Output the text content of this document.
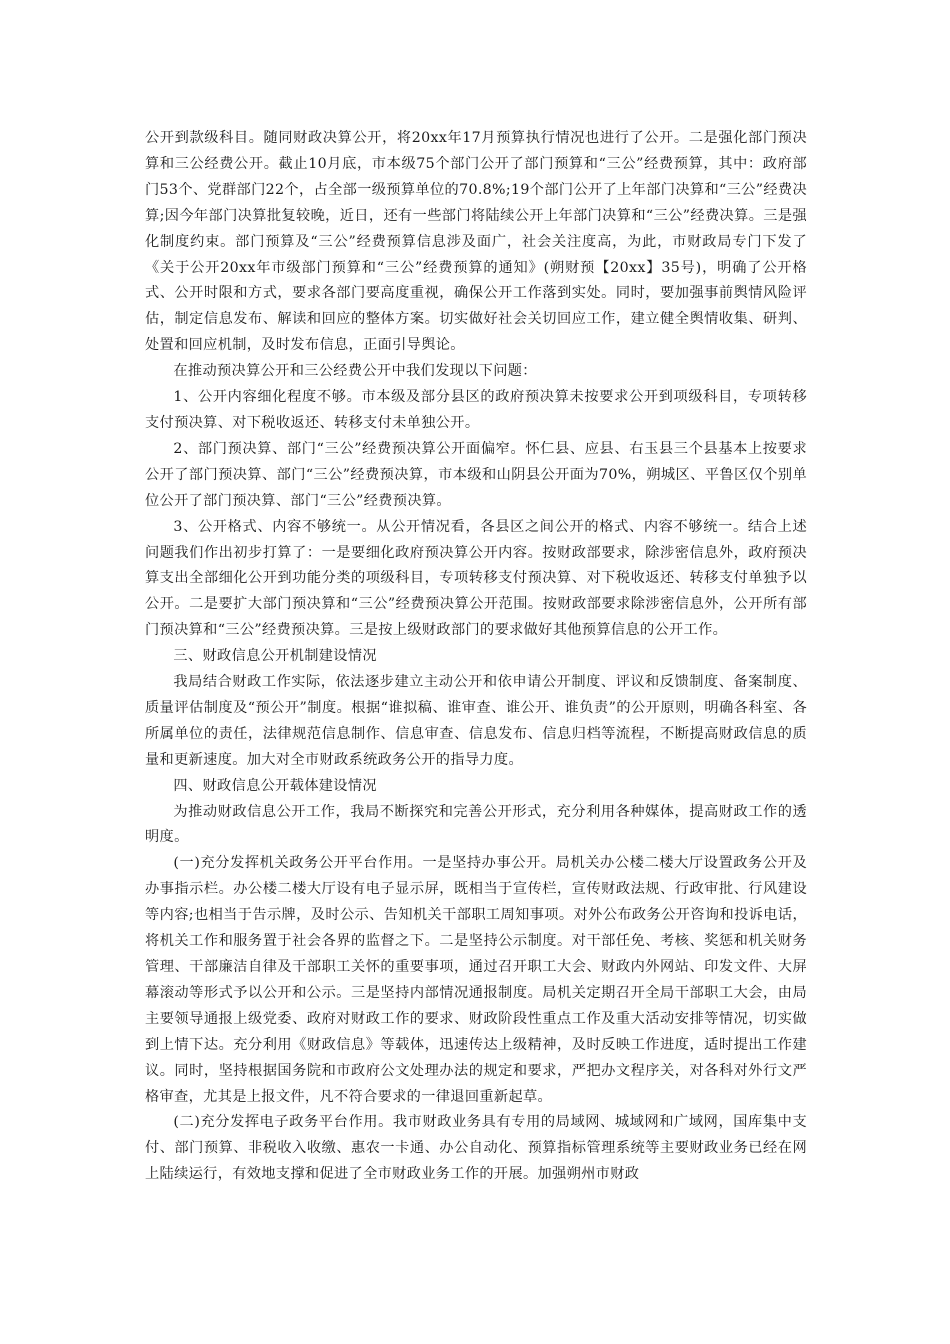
公开到款级科目。随同财政决算公开，将20xx年17月预算执行情况也进行了公开。二是强化部门预决算和三公经费公开。截止10月底，市本级75个部门公开了部门预算和“三公”经费预算，其中：政府部门53个、党群部门22个，占全部一级预算单位的70.8%;19个部门公开了上年部门决算和“三公”经费决算;因今年部门决算批复较晚，近日，还有一些部门将陆续公开上年部门决算和“三公”经费决算。三是强化制度约束。部门预算及“三公”经费预算信息涉及面广，社会关注度高，为此，市财政局专门下发了《关于公开20xx年市级部门预算和“三公”经费预算的通知》(朔财预【20xx】35号)，明确了公开格式、公开时限和方式，要求各部门要高度重视，确保公开工作落到实处。同时，要加强事前舆情风险评估，制定信息发布、解读和回应的整体方案。切实做好社会关切回应工作，建立健全舆情收集、研判、处置和回应机制，及时发布信息，正面引导舆论。

在推动预决算公开和三公经费公开中我们发现以下问题：

1、公开内容细化程度不够。市本级及部分县区的政府预决算未按要求公开到项级科目，专项转移支付预决算、对下税收返还、转移支付未单独公开。

2、部门预决算、部门“三公”经费预决算公开面偏窄。怀仁县、应县、右玉县三个县基本上按要求公开了部门预决算、部门“三公”经费预决算，市本级和山阴县公开面为70%，朔城区、平鲁区仅个别单位公开了部门预决算、部门“三公”经费预决算。

3、公开格式、内容不够统一。从公开情况看，各县区之间公开的格式、内容不够统一。结合上述问题我们作出初步打算了：一是要细化政府预决算公开内容。按财政部要求，除涉密信息外，政府预决算支出全部细化公开到功能分类的项级科目，专项转移支付预决算、对下税收返还、转移支付单独予以公开。二是要扩大部门预决算和“三公”经费预决算公开范围。按财政部要求除涉密信息外，公开所有部门预决算和“三公”经费预决算。三是按上级财政部门的要求做好其他预算信息的公开工作。

三、财政信息公开机制建设情况

我局结合财政工作实际，依法逐步建立主动公开和依申请公开制度、评议和反馈制度、备案制度、质量评估制度及“预公开”制度。根据“谁拟稿、谁审查、谁公开、谁负责”的公开原则，明确各科室、各所属单位的责任，法律规范信息制作、信息审查、信息发布、信息归档等流程，不断提高财政信息的质量和更新速度。加大对全市财政系统政务公开的指导力度。

四、财政信息公开载体建设情况

为推动财政信息公开工作，我局不断探究和完善公开形式，充分利用各种媒体，提高财政工作的透明度。

(一)充分发挥机关政务公开平台作用。一是坚持办事公开。局机关办公楼二楼大厅设置政务公开及办事指示栏。办公楼二楼大厅设有电子显示屏，既相当于宣传栏，宣传财政法规、行政审批、行风建设等内容;也相当于告示牌，及时公示、告知机关干部职工周知事项。对外公布政务公开咨询和投诉电话，将机关工作和服务置于社会各界的监督之下。二是坚持公示制度。对干部任免、考核、奖惩和机关财务管理、干部廉洁自律及干部职工关怀的重要事项，通过召开职工大会、财政内外网站、印发文件、大屏幕滚动等形式予以公开和公示。三是坚持内部情况通报制度。局机关定期召开全局干部职工大会，由局主要领导通报上级党委、政府对财政工作的要求、财政阶段性重点工作及重大活动安排等情况，切实做到上情下达。充分利用《财政信息》等载体，迅速传达上级精神，及时反映工作进度，适时提出工作建议。同时，坚持根据国务院和市政府公文处理办法的规定和要求，严把办文程序关，对各科对外行文严格审查，尤其是上报文件，凡不符合要求的一律退回重新起草。

(二)充分发挥电子政务平台作用。我市财政业务具有专用的局域网、城域网和广域网，国库集中支付、部门预算、非税收入收缴、惠农一卡通、办公自动化、预算指标管理系统等主要财政业务已经在网上陆续运行，有效地支撑和促进了全市财政业务工作的开展。加强朔州市财政
